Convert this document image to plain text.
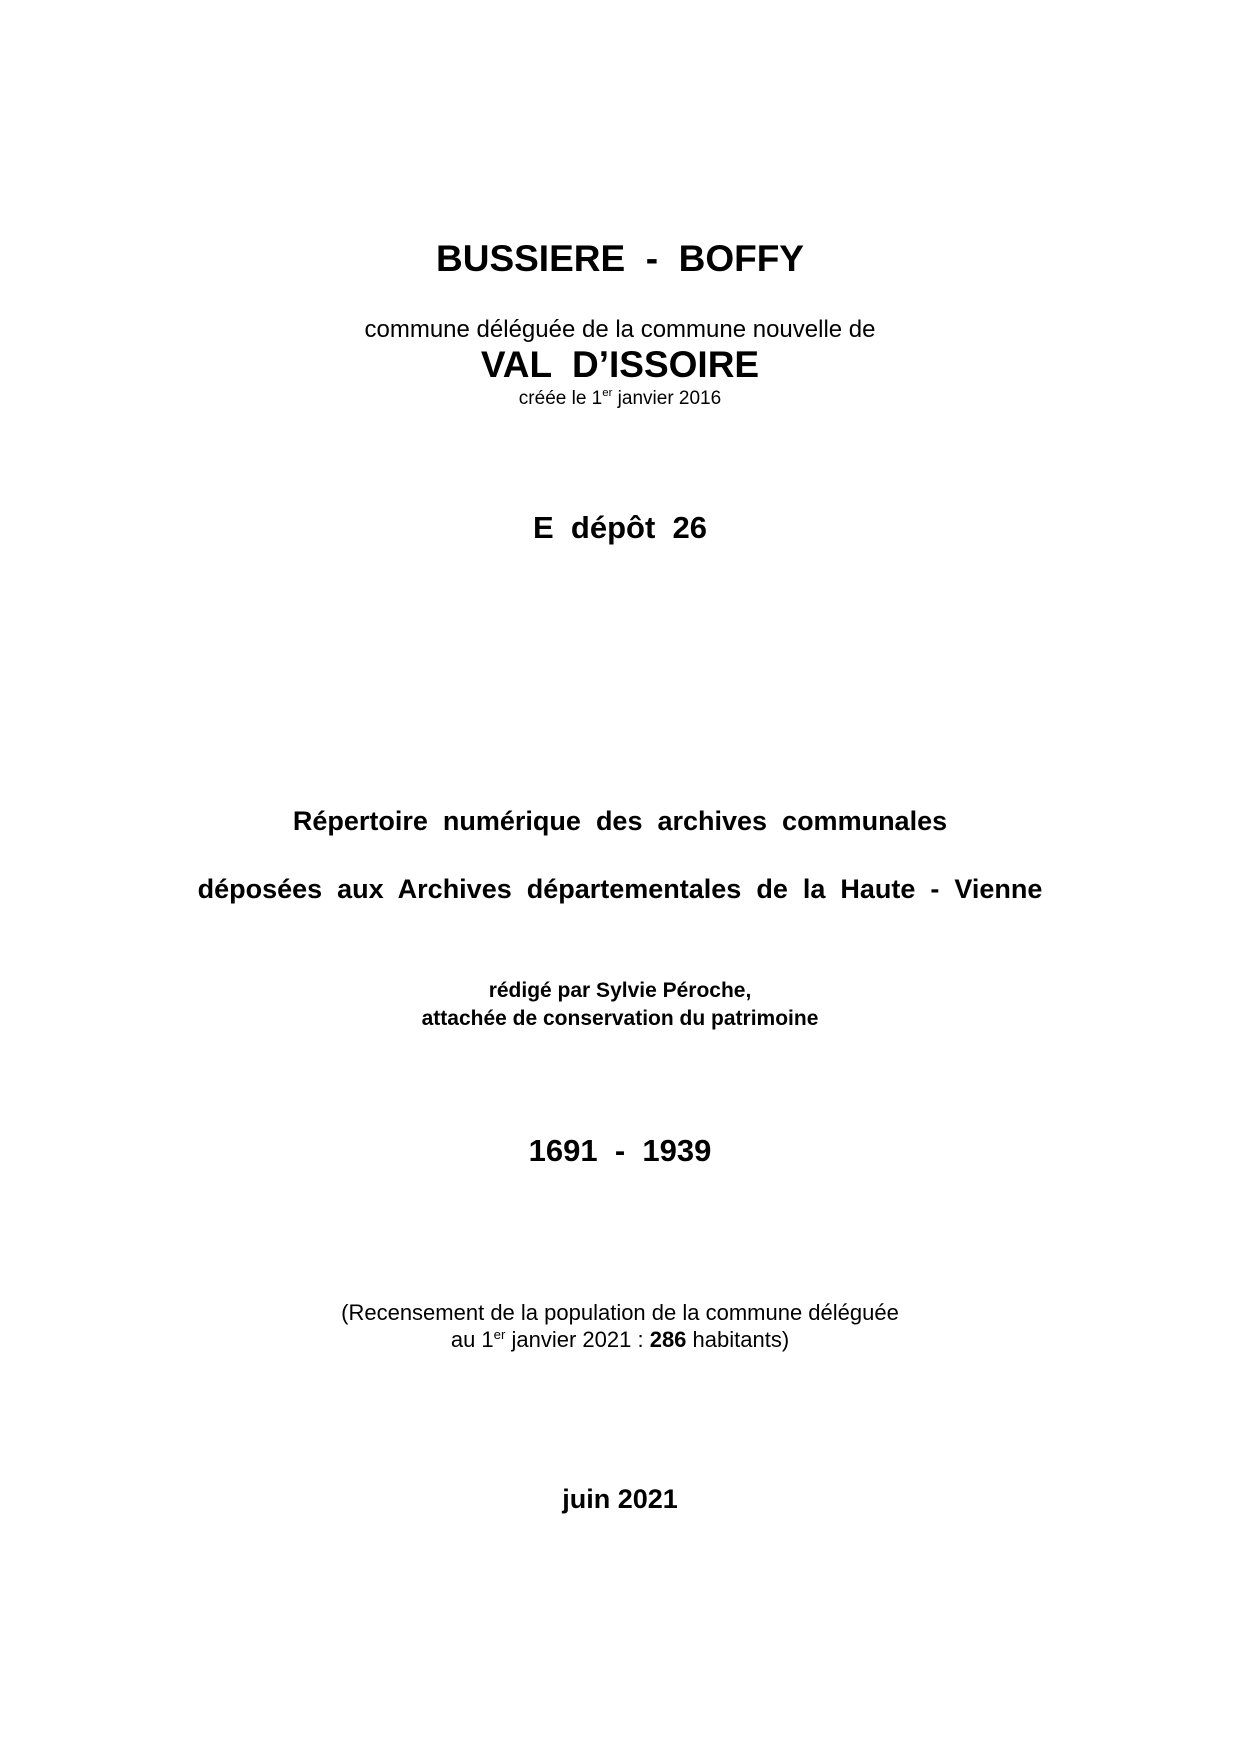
BUSSIERE  -  BOFFY
commune déléguée de la commune nouvelle de
VAL  D’ISSOIRE
créée le 1er janvier 2016
E  dépôt  26
Répertoire  numérique  des  archives  communales
déposées  aux  Archives  départementales  de  la  Haute  -  Vienne
rédigé par Sylvie Péroche,
attachée de conservation du patrimoine
1691  -  1939
(Recensement de la population de la commune déléguée
au 1er janvier 2021 : 286 habitants)
juin 2021
